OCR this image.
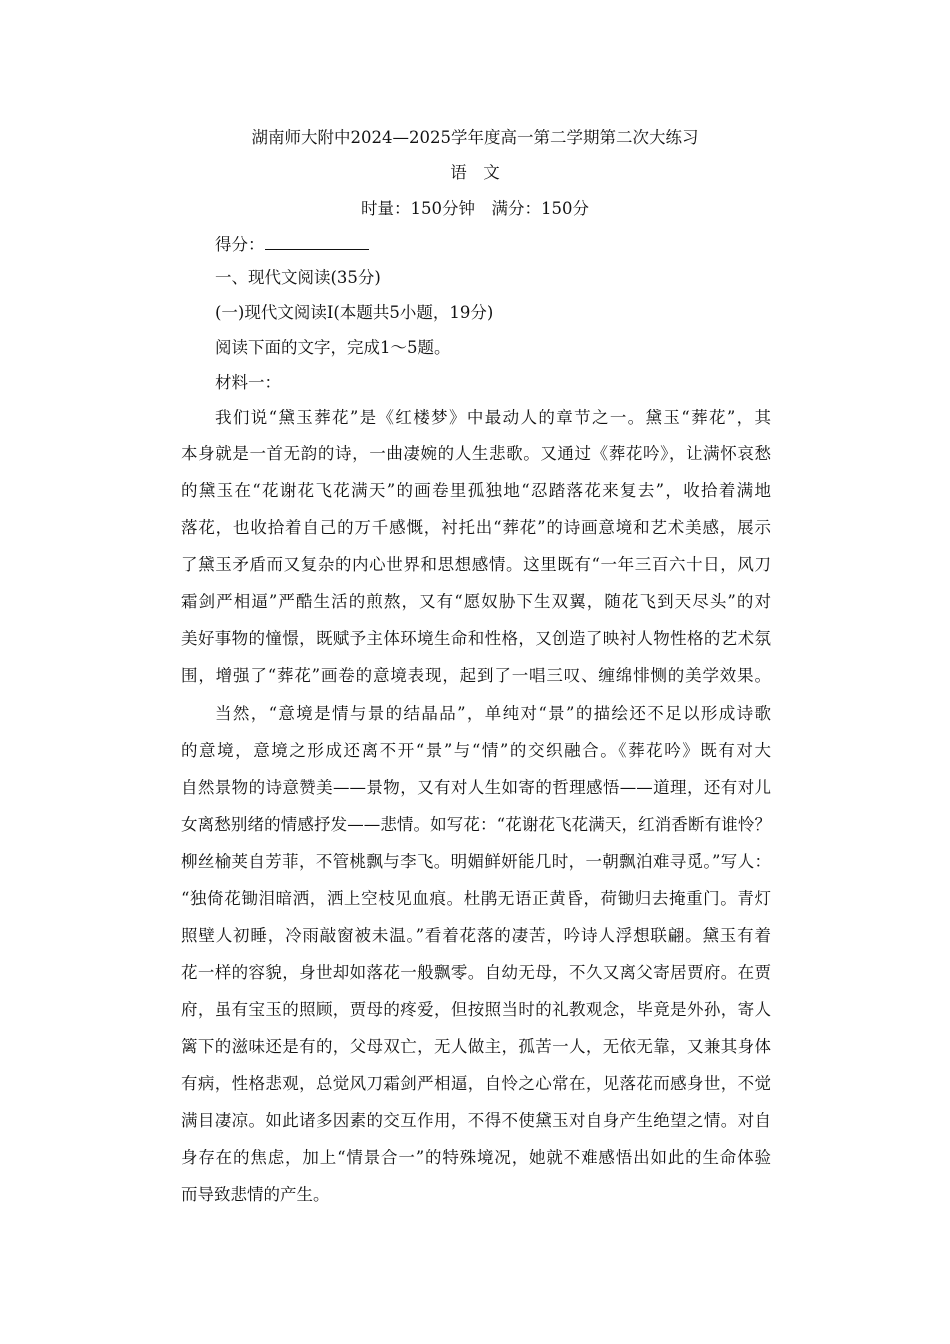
湖南师大附中2024—2025学年度高一第二学期第二次大练习
语　文
时量：150分钟　满分：150分
得分：
一、现代文阅读(35分)
(一)现代文阅读Ⅰ(本题共5小题，19分)
阅读下面的文字，完成1～5题。
材料一：
我们说“黛玉葬花”是《红楼梦》中最动人的章节之一。黛玉“葬花”，其
本身就是一首无韵的诗，一曲凄婉的人生悲歌。又通过《葬花吟》，让满怀哀愁
的黛玉在“花谢花飞花满天”的画卷里孤独地“忍踏落花来复去”，收拾着满地
落花，也收拾着自己的万千感慨，衬托出“葬花”的诗画意境和艺术美感，展示
了黛玉矛盾而又复杂的内心世界和思想感情。这里既有“一年三百六十日，风刀
霜剑严相逼”严酷生活的煎熬，又有“愿奴胁下生双翼，随花飞到天尽头”的对
美好事物的憧憬，既赋予主体环境生命和性格，又创造了映衬人物性格的艺术氛
围，增强了“葬花”画卷的意境表现，起到了一唱三叹、缠绵悱恻的美学效果。
当然，“意境是情与景的结晶品”，单纯对“景”的描绘还不足以形成诗歌
的意境，意境之形成还离不开“景”与“情”的交织融合。《葬花吟》既有对大
自然景物的诗意赞美——景物，又有对人生如寄的哲理感悟——道理，还有对儿
女离愁别绪的情感抒发——悲情。如写花：“花谢花飞花满天，红消香断有谁怜？
柳丝榆荚自芳菲，不管桃飘与李飞。明媚鲜妍能几时，一朝飘泊难寻觅。”写人：
“独倚花锄泪暗洒，洒上空枝见血痕。杜鹃无语正黄昏，荷锄归去掩重门。青灯
照壁人初睡，冷雨敲窗被未温。”看着花落的凄苦，吟诗人浮想联翩。黛玉有着
花一样的容貌，身世却如落花一般飘零。自幼无母，不久又离父寄居贾府。在贾
府，虽有宝玉的照顾，贾母的疼爱，但按照当时的礼教观念，毕竟是外孙，寄人
篱下的滋味还是有的，父母双亡，无人做主，孤苦一人，无依无靠，又兼其身体
有病，性格悲观，总觉风刀霜剑严相逼，自怜之心常在，见落花而感身世，不觉
满目凄凉。如此诸多因素的交互作用，不得不使黛玉对自身产生绝望之情。对自
身存在的焦虑，加上“情景合一”的特殊境况，她就不难感悟出如此的生命体验
而导致悲情的产生。
